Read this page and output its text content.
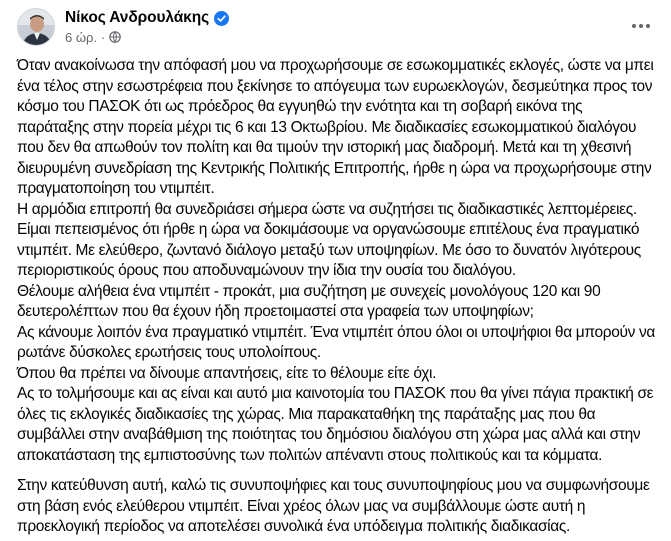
Νίκος Ανδρουλάκης
6 ώρ. ·

Όταν ανακοίνωσα την απόφασή μου να προχωρήσουμε σε εσωκομματικές εκλογές, ώστε να μπει ένα τέλος στην εσωστρέφεια που ξεκίνησε το απόγευμα των ευρωεκλογών, δεσμεύτηκα προς τον κόσμο του ΠΑΣΟΚ ότι ως πρόεδρος θα εγγυηθώ την ενότητα και τη σοβαρή εικόνα της παράταξης στην πορεία μέχρι τις 6 και 13 Οκτωβρίου. Με διαδικασίες εσωκομματικού διαλόγου που δεν θα απωθούν τον πολίτη και θα τιμούν την ιστορική μας διαδρομή. Μετά και τη χθεσινή διευρυμένη συνεδρίαση της Κεντρικής Πολιτικής Επιτροπής, ήρθε η ώρα να προχωρήσουμε στην πραγματοποίηση του ντιμπέιτ.

Η αρμόδια επιτροπή θα συνεδριάσει σήμερα ώστε να συζητήσει τις διαδικαστικές λεπτομέρειες.

Είμαι πεπεισμένος ότι ήρθε η ώρα να δοκιμάσουμε να οργανώσουμε επιτέλους ένα πραγματικό ντιμπέιτ. Με ελεύθερο, ζωντανό διάλογο μεταξύ των υποψηφίων. Με όσο το δυνατόν λιγότερους περιοριστικούς όρους που αποδυναμώνουν την ίδια την ουσία του διαλόγου.

Θέλουμε αλήθεια ένα ντιμπέιτ - προκάτ, μια συζήτηση με συνεχείς μονολόγους 120 και 90 δευτερολέπτων που θα έχουν ήδη προετοιμαστεί στα γραφεία των υποψηφίων;

Ας κάνουμε λοιπόν ένα πραγματικό ντιμπέιτ. Ένα ντιμπέιτ όπου όλοι οι υποψήφιοι θα μπορούν να ρωτάνε δύσκολες ερωτήσεις τους υπολοίπους.

Όπου θα πρέπει να δίνουμε απαντήσεις, είτε το θέλουμε είτε όχι.

Ας το τολμήσουμε και ας είναι και αυτό μια καινοτομία του ΠΑΣΟΚ που θα γίνει πάγια πρακτική σε όλες τις εκλογικές διαδικασίες της χώρας. Μια παρακαταθήκη της παράταξης μας που θα συμβάλλει στην αναβάθμιση της ποιότητας του δημόσιου διαλόγου στη χώρα μας αλλά και στην αποκατάσταση της εμπιστοσύνης των πολιτών απέναντι στους πολιτικούς και τα κόμματα.

Στην κατεύθυνση αυτή, καλώ τις συνυποψήφιες και τους συνυποψηφίους μου να συμφωνήσουμε στη βάση ενός ελεύθερου ντιμπέιτ. Είναι χρέος όλων μας να συμβάλλουμε ώστε αυτή η προεκλογική περίοδος να αποτελέσει συνολικά ένα υπόδειγμα πολιτικής διαδικασίας.
